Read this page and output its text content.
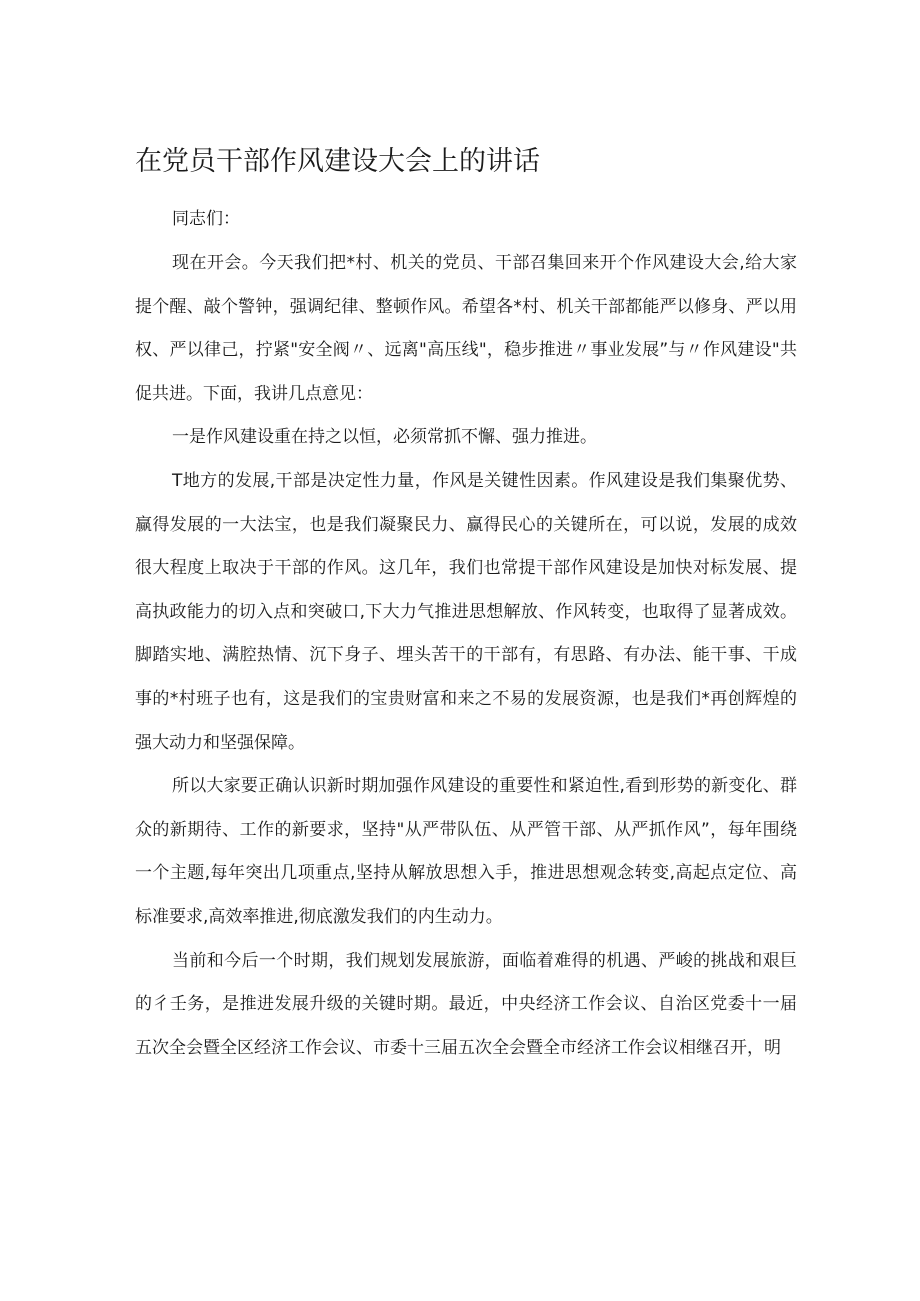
在党员干部作风建设大会上的讲话

同志们：

现在开会。今天我们把*村、机关的党员、干部召集回来开个作风建设大会,给大家提个醒、敲个警钟，强调纪律、整顿作风。希望各*村、机关干部都能严以修身、严以用权、严以律己，拧紧"安全阀〃、远离"高压线"，稳步推进〃事业发展”与〃作风建设"共促共进。下面，我讲几点意见：

一是作风建设重在持之以恒，必须常抓不懈、强力推进。

T地方的发展,干部是决定性力量，作风是关键性因素。作风建设是我们集聚优势、赢得发展的一大法宝，也是我们凝聚民力、赢得民心的关键所在，可以说，发展的成效很大程度上取决于干部的作风。这几年，我们也常提干部作风建设是加快对标发展、提高执政能力的切入点和突破口,下大力气推进思想解放、作风转变，也取得了显著成效。脚踏实地、满腔热情、沉下身子、埋头苦干的干部有，有思路、有办法、能干事、干成事的*村班子也有，这是我们的宝贵财富和来之不易的发展资源，也是我们*再创辉煌的强大动力和坚强保障。

所以大家要正确认识新时期加强作风建设的重要性和紧迫性,看到形势的新变化、群众的新期待、工作的新要求，坚持"从严带队伍、从严管干部、从严抓作风”，每年围绕一个主题,每年突出几项重点,坚持从解放思想入手，推进思想观念转变,高起点定位、高标准要求,高效率推进,彻底激发我们的内生动力。

当前和今后一个时期，我们规划发展旅游，面临着难得的机遇、严峻的挑战和艰巨的彳壬务，是推进发展升级的关键时期。最近，中央经济工作会议、自治区党委十一届五次全会暨全区经济工作会议、市委十三届五次全会暨全市经济工作会议相继召开，明
